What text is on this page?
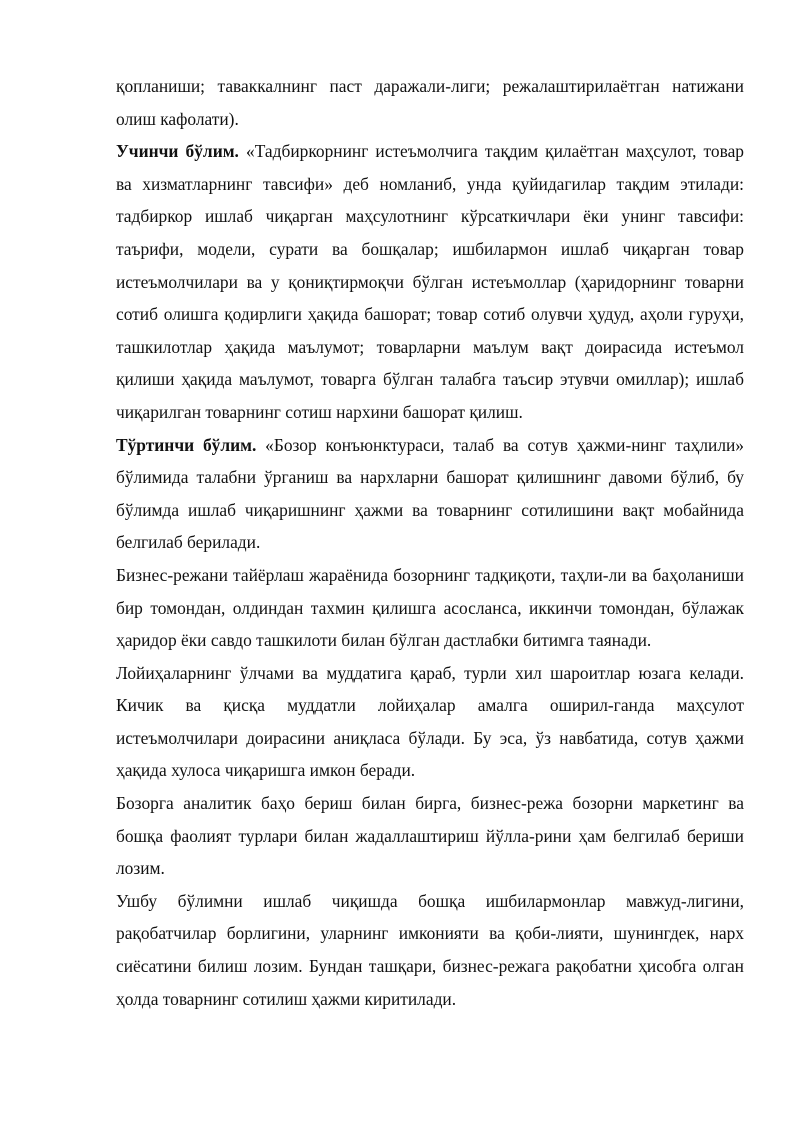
қопланиши; таваккалнинг паст даражали-лиги; режалаштирилаётган натижани олиш кафолати).

Учинчи бўлим. «Тадбиркорнинг истеъмолчига тақдим қилаётган маҳсулот, товар ва хизматларнинг тавсифи» деб номланиб, унда қуйидагилар тақдим этилади: тадбиркор ишлаб чиқарган маҳсулотнинг кўрсаткичлари ёки унинг тавсифи: таърифи, модели, сурати ва бошқалар; ишбилармон ишлаб чиқарган товар истеъмолчилари ва у қониқтирмоқчи бўлган истеъмоллар (ҳаридорнинг товарни сотиб олишга қодирлиги ҳақида башорат; товар сотиб олувчи ҳудуд, аҳоли гуруҳи, ташкилотлар ҳақида маълумот; товарларни маълум вақт доирасида истеъмол қилиши ҳақида маълумот, товарга бўлган талабга таъсир этувчи омиллар); ишлаб чиқарилган товарнинг сотиш нархини башорат қилиш.

Тўртинчи бўлим. «Бозор конъюнктураси, талаб ва сотув ҳажми-нинг таҳлили» бўлимида талабни ўрганиш ва нархларни башорат қилишнинг давоми бўлиб, бу бўлимда ишлаб чиқаришнинг ҳажми ва товарнинг сотилишини вақт мобайнида белгилаб берилади.

Бизнес-режани тайёрлаш жараёнида бозорнинг тадқиқоти, таҳли-ли ва баҳоланиши бир томондан, олдиндан тахмин қилишга асосланса, иккинчи томондан, бўлажак ҳаридор ёки савдо ташкилоти билан бўлган дастлабки битимга таянади.

Лойиҳаларнинг ўлчами ва муддатига қараб, турли хил шароитлар юзага келади. Кичик ва қисқа муддатли лойиҳалар амалга оширил-ганда маҳсулот истеъмолчилари доирасини аниқласа бўлади. Бу эса, ўз навбатида, сотув ҳажми ҳақида хулоса чиқаришга имкон беради.

Бозорга аналитик баҳо бериш билан бирга, бизнес-режа бозорни маркетинг ва бошқа фаолият турлари билан жадаллаштириш йўлла-рини ҳам белгилаб бериши лозим.

Ушбу бўлимни ишлаб чиқишда бошқа ишбилармонлар мавжуд-лигини, рақобатчилар борлигини, уларнинг имконияти ва қоби-лияти, шунингдек, нарх сиёсатини билиш лозим. Бундан ташқари, бизнес-режага рақобатни ҳисобга олган ҳолда товарнинг сотилиш ҳажми киритилади.
